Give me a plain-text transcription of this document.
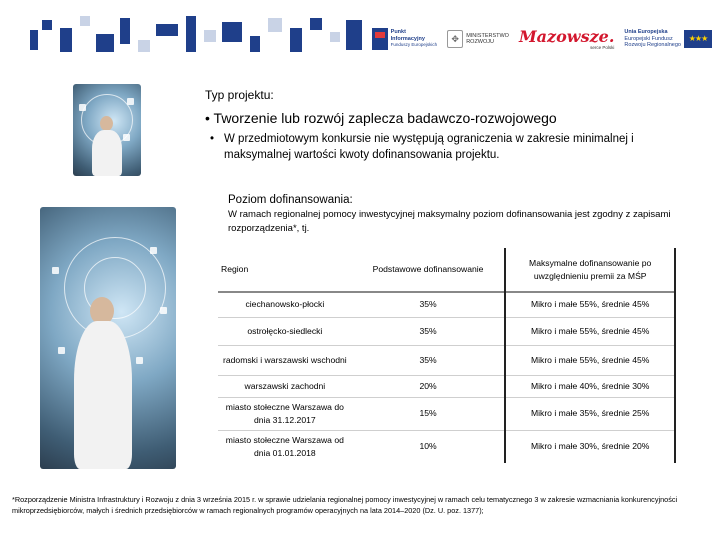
Punkt
Informacyjny
Funduszy Europejskich
✥	MINISTERSTWO
ROZWOJU	Mazowsze.
serce Polski
Unia Europejska
Europejski Fundusz
Rozwoju Regionalnego
★★★
Typ projektu:
• Tworzenie lub rozwój zaplecza badawczo-rozwojowego
• W przedmiotowym konkursie nie występują ograniczenia w zakresie minimalnej i maksymalnej wartości kwoty dofinansowania projektu.
Poziom dofinansowania:
W ramach regionalnej pomocy inwestycyjnej maksymalny poziom dofinansowania jest zgodny z zapisami rozporządzenia*, tj.
Region	Podstawowe dofinansowanie	Maksymalne dofinansowanie po uwzględnieniu premii za MŚP
ciechanowsko-płocki	35%	Mikro i małe 55%, średnie 45%
ostrołęcko-siedlecki	35%	Mikro i małe 55%, średnie 45%
radomski i warszawski wschodni	35%	Mikro i małe 55%, średnie 45%
warszawski zachodni	20%	Mikro i małe 40%, średnie 30%
miasto stołeczne Warszawa do dnia 31.12.2017	15%	Mikro i małe 35%, średnie 25%
miasto stołeczne Warszawa od dnia 01.01.2018	10%	Mikro i małe 30%, średnie 20%
*Rozporządzenie Ministra Infrastruktury i Rozwoju z dnia 3 września 2015 r. w sprawie udzielania regionalnej pomocy inwestycyjnej w ramach celu tematycznego 3 w zakresie wzmacniania konkurencyjności mikroprzedsiębiorców, małych i średnich przedsiębiorców w ramach regionalnych programów operacyjnych na lata 2014–2020 (Dz. U. poz. 1377);
